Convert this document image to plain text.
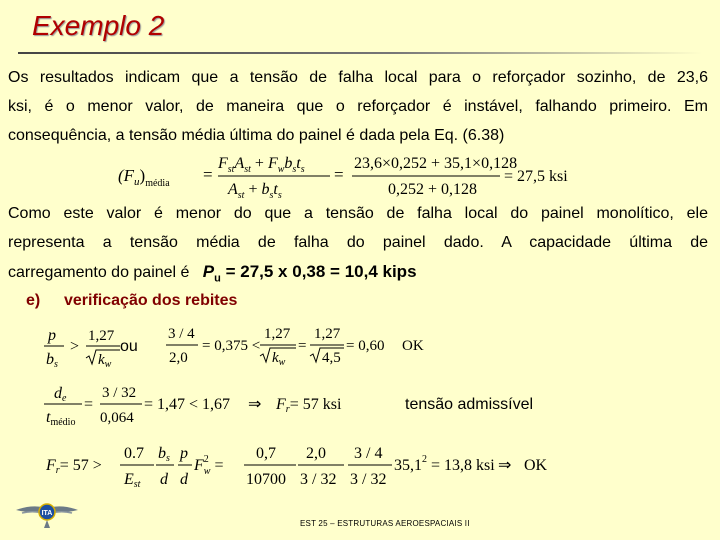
Exemplo 2

Os resultados indicam que a tensão de falha local para o reforçador sozinho, de 23,6
ksi, é o menor valor, de maneira que o reforçador é instável, falhando primeiro. Em

consequência, a tensão média última do painel é dada pela Eq. (6.38)

$(F_u)_{média}$ =
$F_{st}A_{st} + F_wb_st_s$
$A_{st} + b_st_s$
=
23,6×0,252 + 35,1×0,128
0,252 + 0,128
= 27,5 ksi

Como este valor é menor do que a tensão de falha local do painel monolítico, ele
representa a tensão média de falha do painel dado. A capacidade última de

carregamento do painel é $P_u = 27,5$ x 0,38 = 10,4 kips

e) verificação dos rebites
p
bs
>
1,27
$k_w$
3 / 4
2,0
= 0,375 <
1,27
$k_w$
=
1,27
4,5
= 0,60 OK
ou
de
tmédio
=
3 / 32
0,064
= 1,47 < 1,67 ⇒ Fr= 57 ksi	tensão admissível
Fr= 57 >
0.7
Est
bs
d
p
d
$F^2$ w =
0,7
10700
2,0
3 / 32
3 / 4
3 / 32
$35,1^2 = 13,8$ ksi ⇒ OK
ITA
EST 25 – ESTRUTURAS AEROESPACIAIS II
